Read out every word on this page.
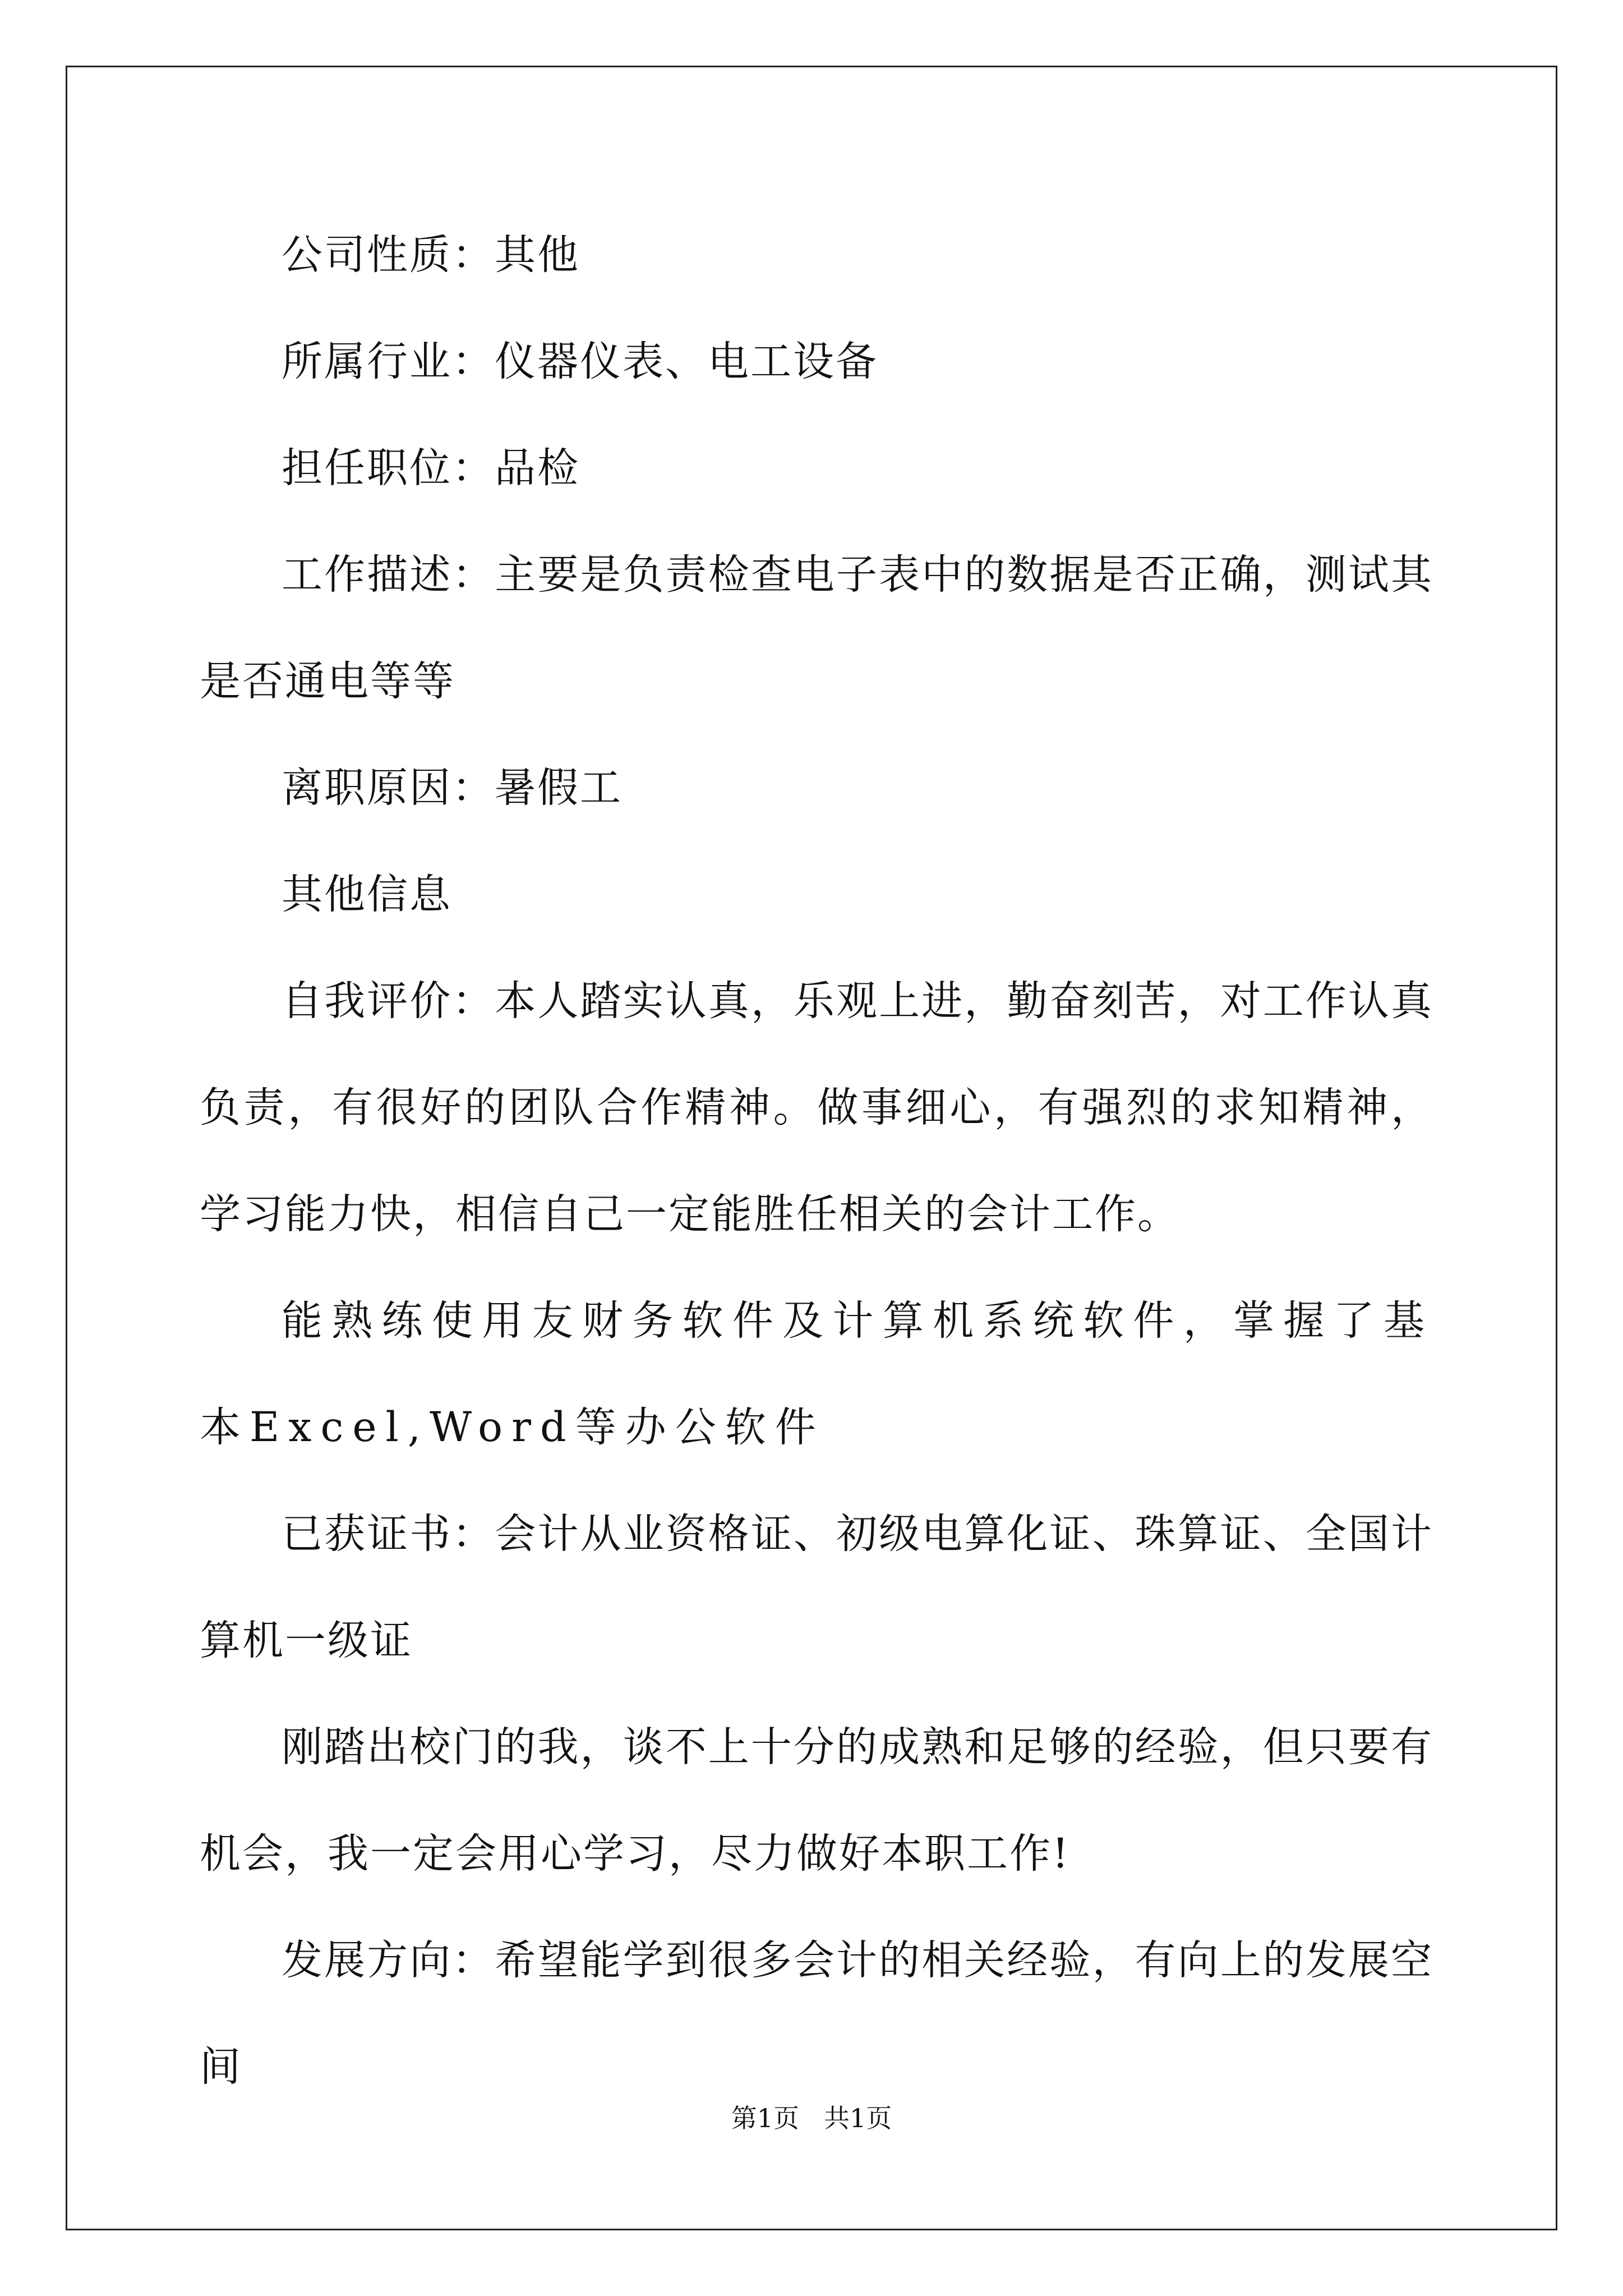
公司性质：其他

所属行业：仪器仪表、电工设备

担任职位：品检

工作描述：主要是负责检查电子表中的数据是否正确，测试其是否通电等等

离职原因：暑假工

其他信息

自我评价：本人踏实认真，乐观上进，勤奋刻苦，对工作认真负责，有很好的团队合作精神。做事细心，有强烈的求知精神，学习能力快，相信自己一定能胜任相关的会计工作。

能熟练使用友财务软件及计算机系统软件，掌握了基本Excel,Word等办公软件

已获证书：会计从业资格证、初级电算化证、珠算证、全国计算机一级证

刚踏出校门的我，谈不上十分的成熟和足够的经验，但只要有机会，我一定会用心学习，尽力做好本职工作!

发展方向：希望能学到很多会计的相关经验，有向上的发展空间

第1页 共1页
